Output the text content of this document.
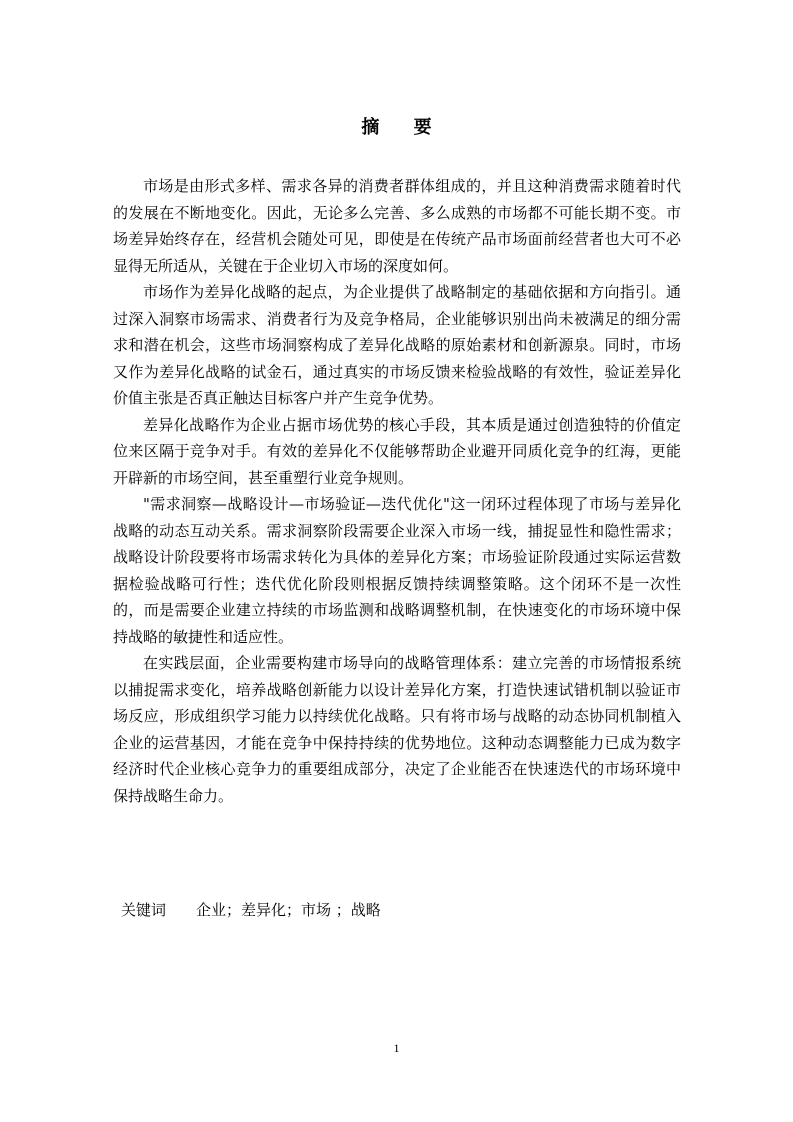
摘 要

市场是由形式多样、需求各异的消费者群体组成的，并且这种消费需求随着时代的发展在不断地变化。因此，无论多么完善、多么成熟的市场都不可能长期不变。市场差异始终存在，经营机会随处可见，即使是在传统产品市场面前经营者也大可不必显得无所适从，关键在于企业切入市场的深度如何。

市场作为差异化战略的起点，为企业提供了战略制定的基础依据和方向指引。通过深入洞察市场需求、消费者行为及竞争格局，企业能够识别出尚未被满足的细分需求和潜在机会，这些市场洞察构成了差异化战略的原始素材和创新源泉。同时，市场又作为差异化战略的试金石，通过真实的市场反馈来检验战略的有效性，验证差异化价值主张是否真正触达目标客户并产生竞争优势。

差异化战略作为企业占据市场优势的核心手段，其本质是通过创造独特的价值定位来区隔于竞争对手。有效的差异化不仅能够帮助企业避开同质化竞争的红海，更能开辟新的市场空间，甚至重塑行业竞争规则。

"需求洞察—战略设计—市场验证—迭代优化"这一闭环过程体现了市场与差异化战略的动态互动关系。需求洞察阶段需要企业深入市场一线，捕捉显性和隐性需求；战略设计阶段要将市场需求转化为具体的差异化方案；市场验证阶段通过实际运营数据检验战略可行性；迭代优化阶段则根据反馈持续调整策略。这个闭环不是一次性的，而是需要企业建立持续的市场监测和战略调整机制，在快速变化的市场环境中保持战略的敏捷性和适应性。

在实践层面，企业需要构建市场导向的战略管理体系：建立完善的市场情报系统以捕捉需求变化，培养战略创新能力以设计差异化方案，打造快速试错机制以验证市场反应，形成组织学习能力以持续优化战略。只有将市场与战略的动态协同机制植入企业的运营基因，才能在竞争中保持持续的优势地位。这种动态调整能力已成为数字经济时代企业核心竞争力的重要组成部分，决定了企业能否在快速迭代的市场环境中保持战略生命力。

关键词 企业；差异化；市场 ；战略
1
